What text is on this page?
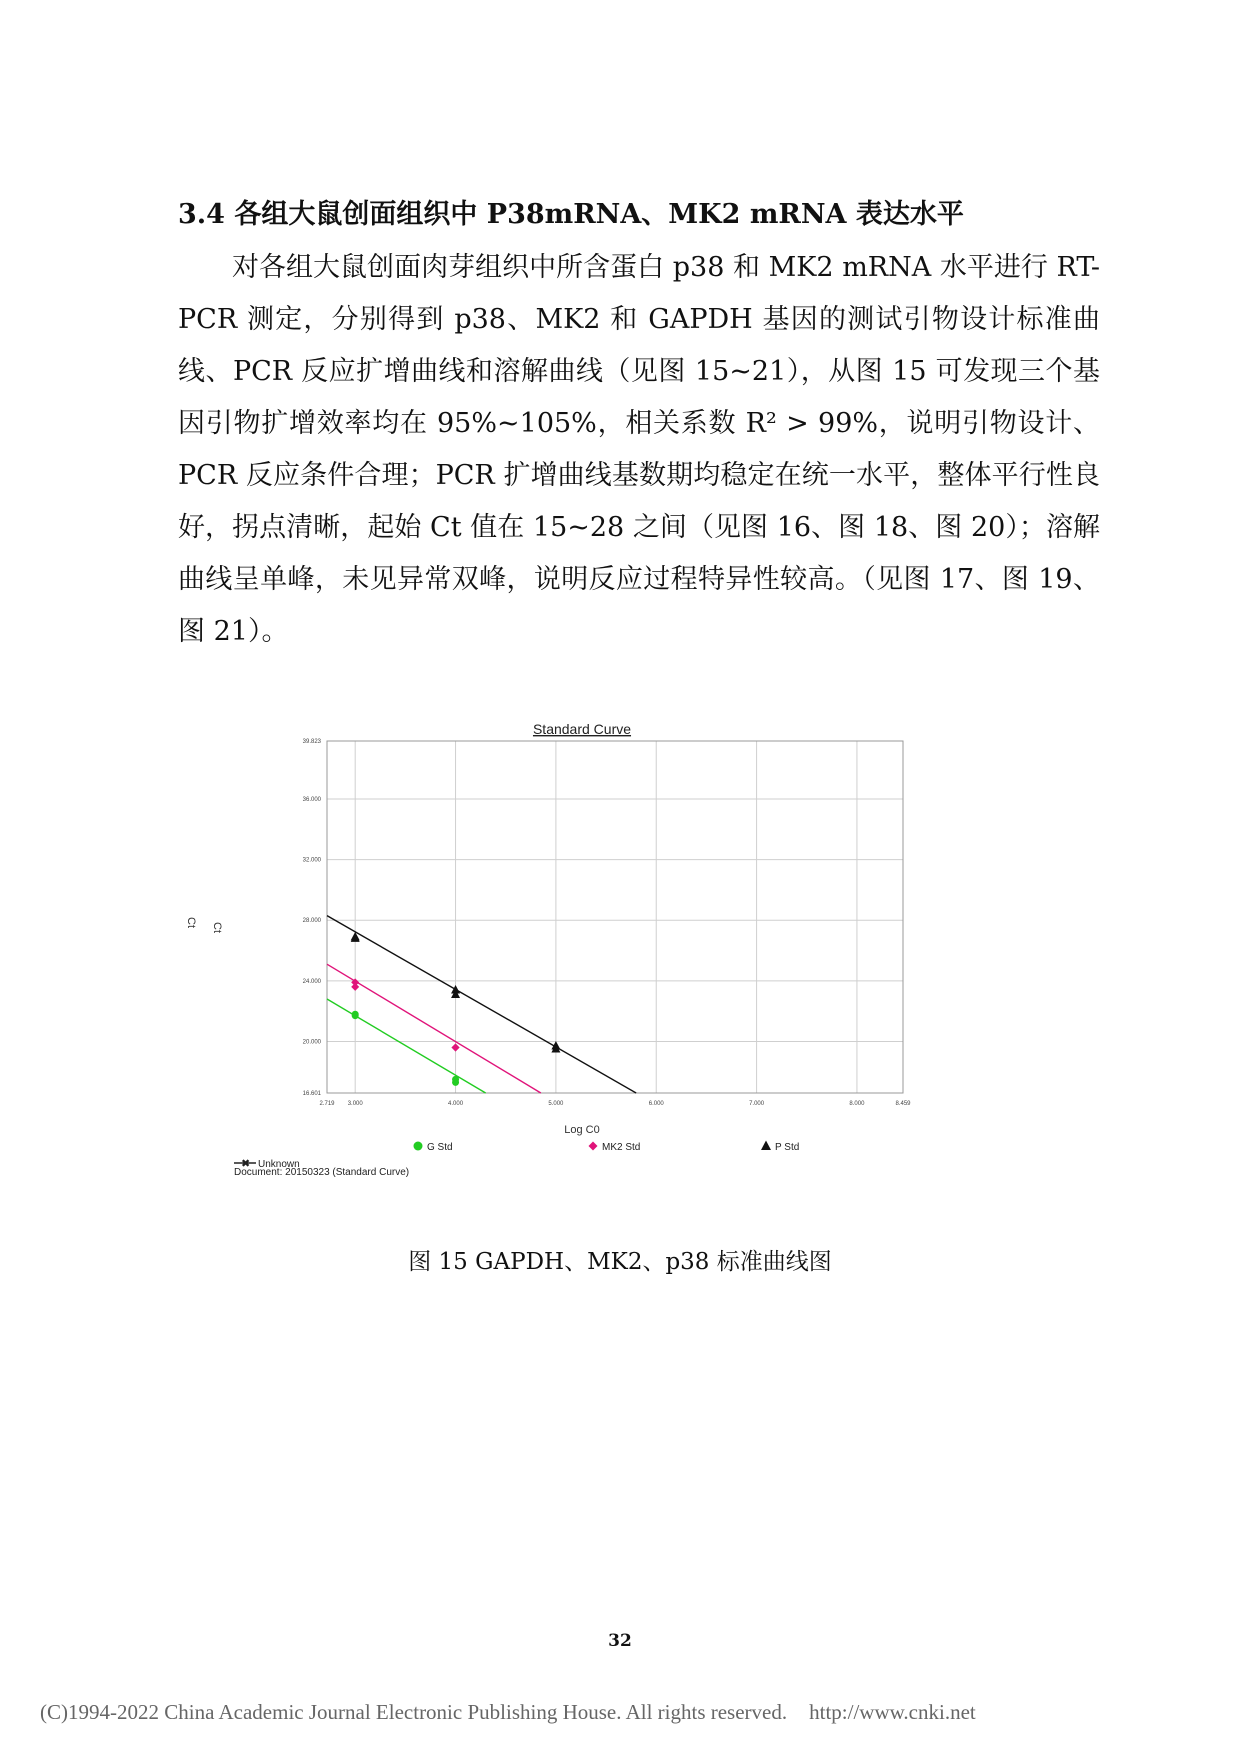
3.4 各组大鼠创面组织中 P38mRNA、MK2 mRNA 表达水平

对各组大鼠创面肉芽组织中所含蛋白 p38 和 MK2 mRNA 水平进行 RT-PCR 测定，分别得到 p38、MK2 和 GAPDH 基因的测试引物设计标准曲线、PCR 反应扩增曲线和溶解曲线（见图 15~21），从图 15 可发现三个基因引物扩增效率均在 95%~105%，相关系数 R² > 99%，说明引物设计、PCR 反应条件合理；PCR 扩增曲线基数期均稳定在统一水平，整体平行性良好，拐点清晰，起始 Ct 值在 15~28 之间（见图 16、图 18、图 20）；溶解曲线呈单峰，未见异常双峰，说明反应过程特异性较高。（见图 17、图 19、图 21）。

2.719 3.000	4.000	5.000	6.000	7.000	8.000	8.459
16.601
20.000
24.000
28.000
32.000
36.000
39.823
Standard Curve
Log C0
Ct Ct
G Std	MK2 Std	P Std
✖ Unknown
Document: 20150323 (Standard Curve)
图 15 GAPDH、MK2、p38 标准曲线图
32
(C)1994-2022 China Academic Journal Electronic Publishing House. All rights reserved. http://www.cnki.net
